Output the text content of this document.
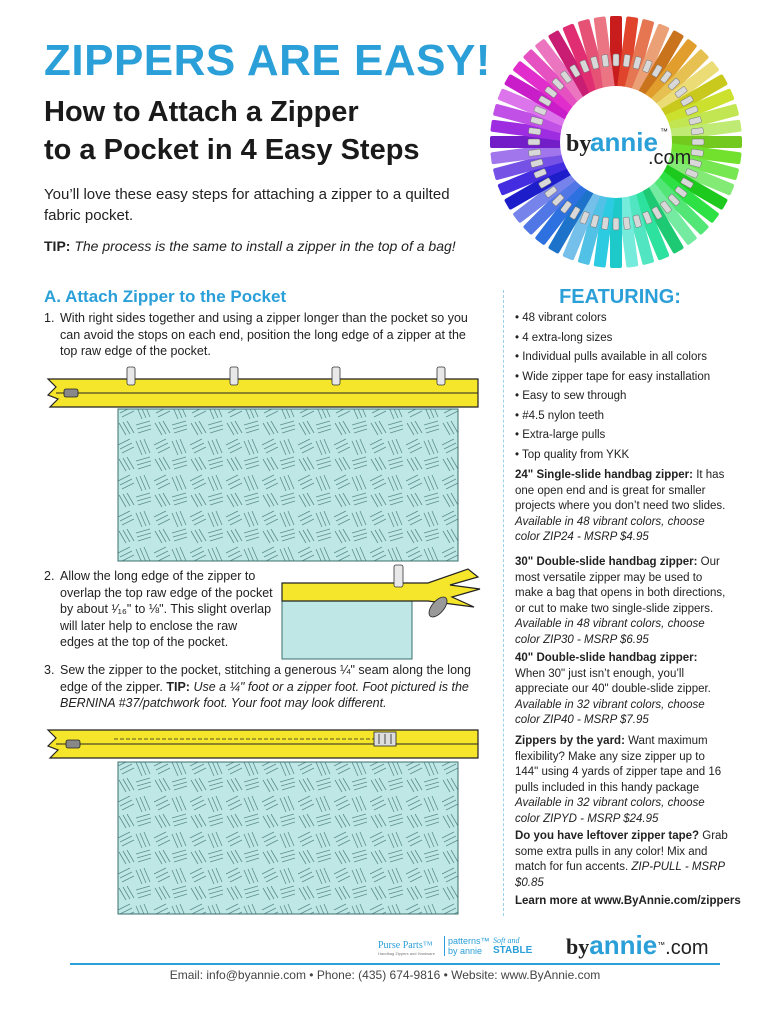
ZIPPERS ARE EASY!
How to Attach a Zipper
to a Pocket in 4 Easy Steps
You’ll love these easy steps for attaching a zipper to a quilted fabric pocket.
TIP: The process is the same to install a zipper in the top of a bag!
by
annie ™
.com
A. Attach Zipper to the Pocket
1. With right sides together and using a zipper longer than the pocket so you can avoid the stops on each end, position the long edge of a zipper at the top raw edge of the pocket.
2. Allow the long edge of the zipper to overlap the top raw edge of the pocket by about ¹⁄₁₆" to ⅛". This slight overlap will later help to enclose the raw edges at the top of the pocket.
3. Sew the zipper to the pocket, stitching a generous ¼" seam along the long edge of the zipper. TIP: Use a ¼" foot or a zipper foot. Foot pictured is the BERNINA #37/patchwork foot. Your foot may look different.
FEATURING:
• 48 vibrant colors
• 4 extra-long sizes
• Individual pulls available in all colors
• Wide zipper tape for easy installation
• Easy to sew through
• #4.5 nylon teeth
• Extra-large pulls
• Top quality from YKK
24" Single-slide handbag zipper: It has one open end and is great for smaller projects where you don’t need two slides. Available in 48 vibrant colors, choose color ZIP24 - MSRP $4.95
30" Double-slide handbag zipper: Our most versatile zipper may be used to make a bag that opens in both directions, or cut to make two single-slide zippers. Available in 48 vibrant colors, choose color ZIP30 - MSRP $6.95
40" Double-slide handbag zipper: When 30" just isn’t enough, you’ll appreciate our 40" double-slide zipper. Available in 32 vibrant colors, choose color ZIP40 - MSRP $7.95
Zippers by the yard: Want maximum flexibility? Make any size zipper up to 144" using 4 yards of zipper tape and 16 pulls included in this handy package Available in 32 vibrant colors, choose color ZIPYD - MSRP $24.95
Do you have leftover zipper tape? Grab some extra pulls in any color! Mix and match for fun accents. ZIP-PULL - MSRP $0.85
Learn more at www.ByAnnie.com/zippers
Purse Parts™
Handbag Zippers and Hardware
patterns™
by annie
Soft and
STABLE	byannie™.com
Email: info@byannie.com • Phone: (435) 674-9816 • Website: www.ByAnnie.com
